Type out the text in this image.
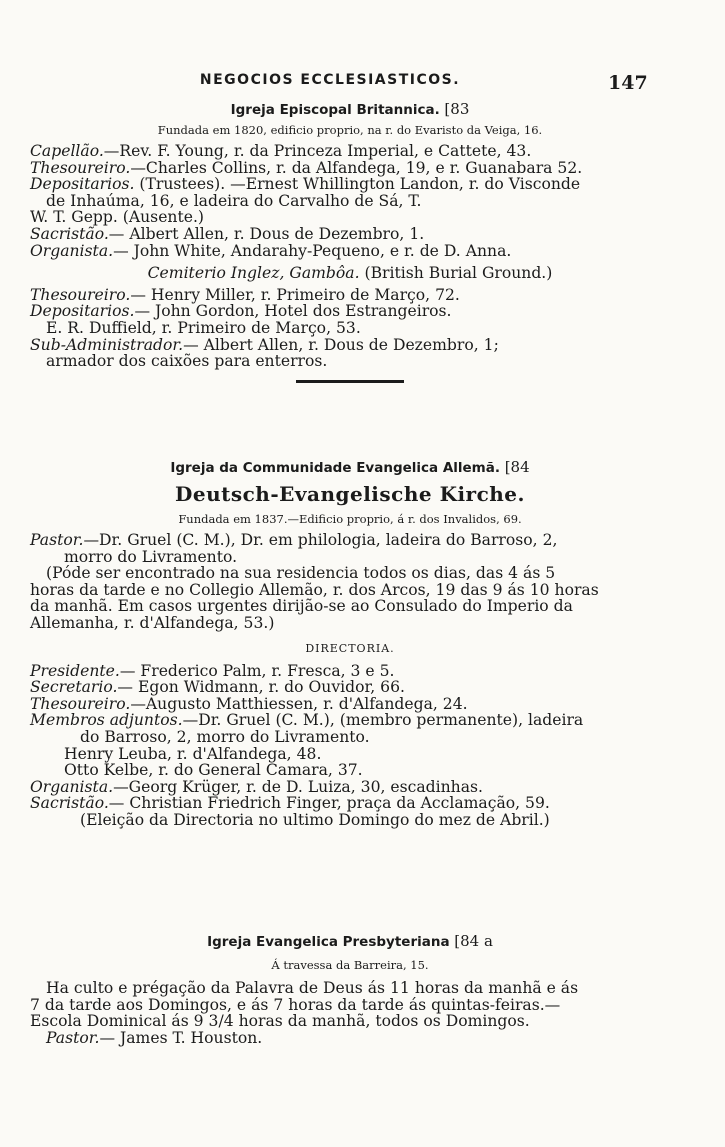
NEGOCIOS ECCLESIASTICOS.	147
Igreja Episcopal Britannica. [83
Fundada em 1820, edificio proprio, na r. do Evaristo da Veiga, 16.
Capellão.—Rev. F. Young, r. da Princeza Imperial, e Cattete, 43.
Thesoureiro.—Charles Collins, r. da Alfandega, 19, e r. Guanabara 52.
Depositarios. (Trustees). —Ernest Whillington Landon, r. do Visconde
de Inhaúma, 16, e ladeira do Carvalho de Sá, T.
W. T. Gepp. (Ausente.)
Sacristão.— Albert Allen, r. Dous de Dezembro, 1.
Organista.— John White, Andarahy-Pequeno, e r. de D. Anna.
Cemiterio Inglez, Gambôa. (British Burial Ground.)
Thesoureiro.— Henry Miller, r. Primeiro de Março, 72.
Depositarios.— John Gordon, Hotel dos Estrangeiros.
E. R. Duffield, r. Primeiro de Março, 53.
Sub-Administrador.— Albert Allen, r. Dous de Dezembro, 1;
armador dos caixões para enterros.
Igreja da Communidade Evangelica Allemã. [84
Deutsch-Evangelische Kirche.
Fundada em 1837.—Edificio proprio, á r. dos Invalidos, 69.
Pastor.—Dr. Gruel (C. M.), Dr. em philologia, ladeira do Barroso, 2,
morro do Livramento.
(Póde ser encontrado na sua residencia todos os dias, das 4 ás 5
horas da tarde e no Collegio Allemão, r. dos Arcos, 19 das 9 ás 10 horas
da manhã. Em casos urgentes dirijão-se ao Consulado do Imperio da
Allemanha, r. d'Alfandega, 53.)
DIRECTORIA.
Presidente.— Frederico Palm, r. Fresca, 3 e 5.
Secretario.— Egon Widmann, r. do Ouvidor, 66.
Thesoureiro.—Augusto Matthiessen, r. d'Alfandega, 24.
Membros adjuntos.—Dr. Gruel (C. M.), (membro permanente), ladeira
do Barroso, 2, morro do Livramento.
Henry Leuba, r. d'Alfandega, 48.
Otto Kelbe, r. do General Camara, 37.
Organista.—Georg Krüger, r. de D. Luiza, 30, escadinhas.
Sacristão.— Christian Friedrich Finger, praça da Acclamação, 59.
(Eleição da Directoria no ultimo Domingo do mez de Abril.)
Igreja Evangelica Presbyteriana [84 a
Á travessa da Barreira, 15.
Ha culto e prégação da Palavra de Deus ás 11 horas da manhã e ás
7 da tarde aos Domingos, e ás 7 horas da tarde ás quintas-feiras.—
Escola Dominical ás 9 3/4 horas da manhã, todos os Domingos.
Pastor.— James T. Houston.
